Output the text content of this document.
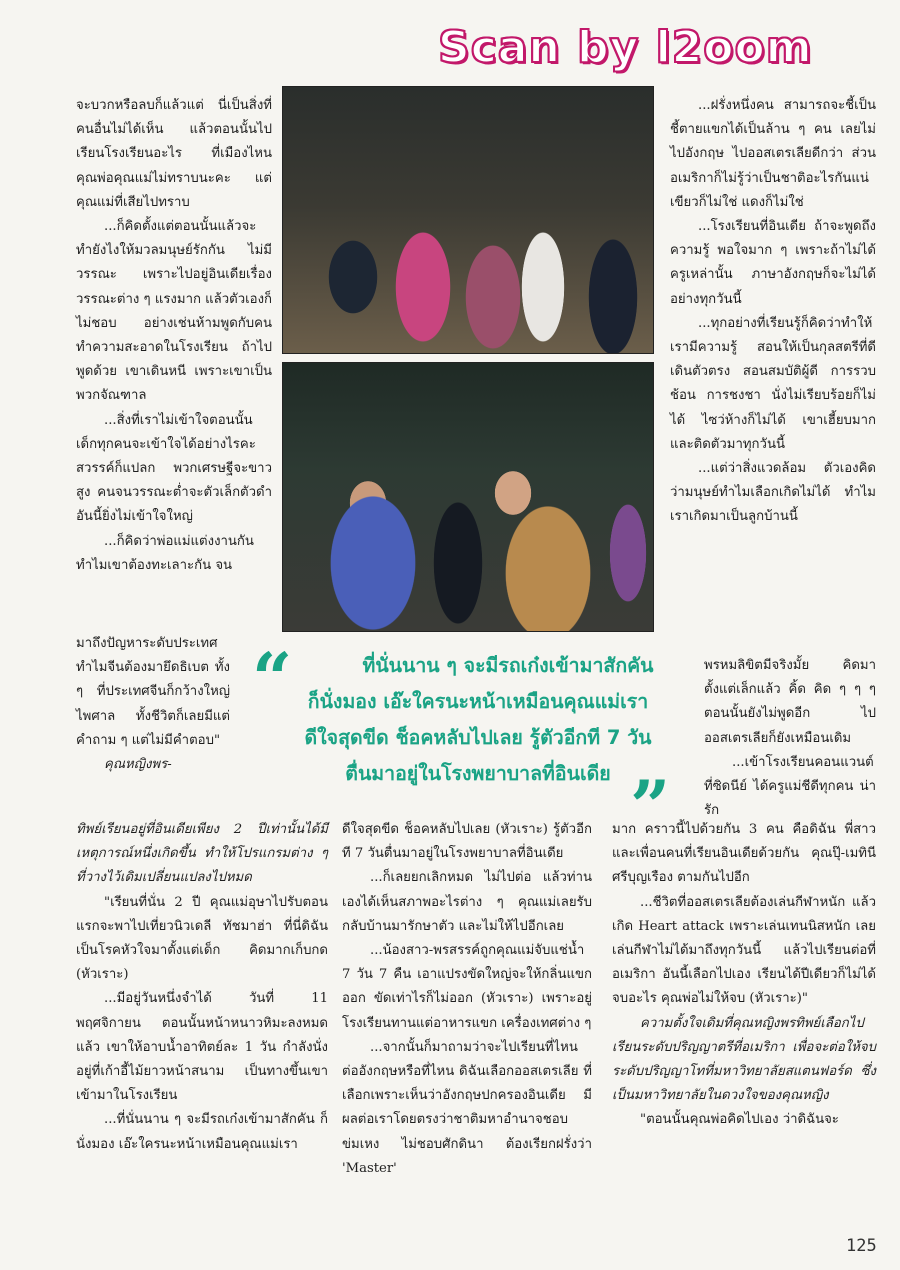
Scan by l2oom

จะบวกหรือลบก็แล้วแต่ นี่เป็นสิ่งที่คนอื่นไม่ได้เห็น แล้วตอนนั้นไปเรียนโรงเรียนอะไร ที่เมืองไหน คุณพ่อคุณแม่ไม่ทราบนะคะ แต่คุณแม่ที่เสียไปทราบ

...ก็คิดตั้งแต่ตอนนั้นแล้วจะทำยังไงให้มวลมนุษย์รักกัน ไม่มีวรรณะ เพราะไปอยู่อินเดียเรื่องวรรณะต่าง ๆ แรงมาก แล้วตัวเองก็ไม่ชอบ อย่างเช่นห้ามพูดกับคนทำความสะอาดในโรงเรียน ถ้าไปพูดด้วย เขาเดินหนี เพราะเขาเป็นพวกจัณฑาล

...สิ่งที่เราไม่เข้าใจตอนนั้น เด็กทุกคนจะเข้าใจได้อย่างไรคะ สวรรค์ก็แปลก พวกเศรษฐีจะขาวสูง คนจนวรรณะต่ำจะตัวเล็กตัวดำ อันนี้ยิ่งไม่เข้าใจใหญ่

...ก็คิดว่าพ่อแม่แต่งงานกัน ทำไมเขาต้องทะเลาะกัน จน

มาถึงปัญหาระดับประเทศ ทำไมจีนต้องมายึดธิเบต ทั้ง ๆ ที่ประเทศจีนก็กว้างใหญ่ไพศาล ทั้งชีวิตก็เลยมีแต่คำถาม ๆ แต่ไม่มีคำตอบ"

คุณหญิงพร-

...ฝรั่งหนึ่งคน สามารถจะชี้เป็นชี้ตายแขกได้เป็นล้าน ๆ คน เลยไม่ไปอังกฤษ ไปออสเตรเลียดีกว่า ส่วนอเมริกาก็ไม่รู้ว่าเป็นชาติอะไรกันแน่ เขียวก็ไม่ใช่ แดงก็ไม่ใช่

...โรงเรียนที่อินเดีย ถ้าจะพูดถึงความรู้ พอใจมาก ๆ เพราะถ้าไม่ได้ครูเหล่านั้น ภาษาอังกฤษก็จะไม่ได้อย่างทุกวันนี้

...ทุกอย่างที่เรียนรู้ก็คิดว่าทำให้เรามีความรู้ สอนให้เป็นกุลสตรีที่ดี เดินตัวตรง สอนสมบัติผู้ดี การรวบช้อน การชงชา นั่งไม่เรียบร้อยก็ไม่ได้ ไซว่ห้างก็ไม่ได้ เขาเฮี้ยบมาก และติดตัวมาทุกวันนี้

...แต่ว่าสิ่งแวดล้อม ตัวเองคิดว่ามนุษย์ทำไมเลือกเกิดไม่ได้ ทำไมเราเกิดมาเป็นลูกบ้านนี้

พรหมลิขิตมีจริงมั้ย คิดมาตั้งแต่เล็กแล้ว คิ้ด คิด ๆ ๆ ๆ ตอนนั้นยังไม่พูดอีก ไปออสเตรเลียก็ยังเหมือนเดิม

...เข้าโรงเรียนคอนแวนต์ที่ซิดนีย์ ได้ครูแม่ชีดีทุกคน น่ารัก

“	ที่นั่นนาน ๆ จะมีรถเก๋งเข้ามาสักคัน
ก็นั่งมอง เอ๊ะใครนะหน้าเหมือนคุณแม่เรา
ดีใจสุดขีด ช็อคหลับไปเลย รู้ตัวอีกที 7 วัน
ตื่นมาอยู่ในโรงพยาบาลที่อินเดีย ”

ทิพย์เรียนอยู่ที่อินเดียเพียง 2 ปีเท่านั้นได้มีเหตุการณ์หนึ่งเกิดขึ้น ทำให้โปรแกรมต่าง ๆ ที่วางไว้เดิมเปลี่ยนแปลงไปหมด

"เรียนที่นั่น 2 ปี คุณแม่อุษาไปรับตอนแรกจะพาไปเที่ยวนิวเดลี ทัชมาฮ่า ที่นี่ดิฉันเป็นโรคหัวใจมาตั้งแต่เด็ก คิดมากเก็บกด (หัวเราะ)

...มีอยู่วันหนึ่งจำได้ วันที่ 11 พฤศจิกายน ตอนนั้นหน้าหนาวหิมะลงหมดแล้ว เขาให้อาบน้ำอาทิตย์ละ 1 วัน กำลังนั่งอยู่ที่เก้าอี้ไม้ยาวหน้าสนาม เป็นทางขึ้นเขาเข้ามาในโรงเรียน

...ที่นั่นนาน ๆ จะมีรถเก๋งเข้ามาสักคัน ก็นั่งมอง เอ๊ะใครนะหน้าเหมือนคุณแม่เรา

ดีใจสุดขีด ช็อคหลับไปเลย (หัวเราะ) รู้ตัวอีกที 7 วันตื่นมาอยู่ในโรงพยาบาลที่อินเดีย

...ก็เลยยกเลิกหมด ไม่ไปต่อ แล้วท่านเองได้เห็นสภาพอะไรต่าง ๆ คุณแม่เลยรับกลับบ้านมารักษาตัว และไม่ให้ไปอีกเลย

...น้องสาว-พรสรรค์ถูกคุณแม่จับแช่น้ำ 7 วัน 7 คืน เอาแปรงขัดใหญ่จะให้กลิ่นแขกออก ขัดเท่าไรก็ไม่ออก (หัวเราะ) เพราะอยู่โรงเรียนทานแต่อาหารแขก เครื่องเทศต่าง ๆ

...จากนั้นก็มาถามว่าจะไปเรียนที่ไหนต่ออังกฤษหรือที่ไหน ดิฉันเลือกออสเตรเลีย ที่เลือกเพราะเห็นว่าอังกฤษปกครองอินเดีย มีผลต่อเราโดยตรงว่าชาติมหาอำนาจชอบข่มเหง ไม่ชอบศักดินา ต้องเรียกฝรั่งว่า 'Master'

มาก คราวนี้ไปด้วยกัน 3 คน คือดิฉัน พี่สาว และเพื่อนคนที่เรียนอินเดียด้วยกัน คุณปุ๊-เมทินี ศรีบุญเรือง ตามกันไปอีก

...ชีวิตที่ออสเตรเลียต้องเล่นกีฬาหนัก แล้วเกิด Heart attack เพราะเล่นเทนนิสหนัก เลยเล่นกีฬาไม่ได้มาถึงทุกวันนี้ แล้วไปเรียนต่อที่อเมริกา อันนี้เลือกไปเอง เรียนได้ปีเดียวก็ไม่ได้จบอะไร คุณพ่อไม่ให้จบ (หัวเราะ)"

ความตั้งใจเดิมที่คุณหญิงพรทิพย์เลือกไปเรียนระดับปริญญาตรีที่อเมริกา เพื่อจะต่อให้จบระดับปริญญาโทที่มหาวิทยาลัยสแตนฟอร์ด ซึ่งเป็นมหาวิทยาลัยในดวงใจของคุณหญิง

"ตอนนั้นคุณพ่อคิดไปเอง ว่าดิฉันจะ

125
